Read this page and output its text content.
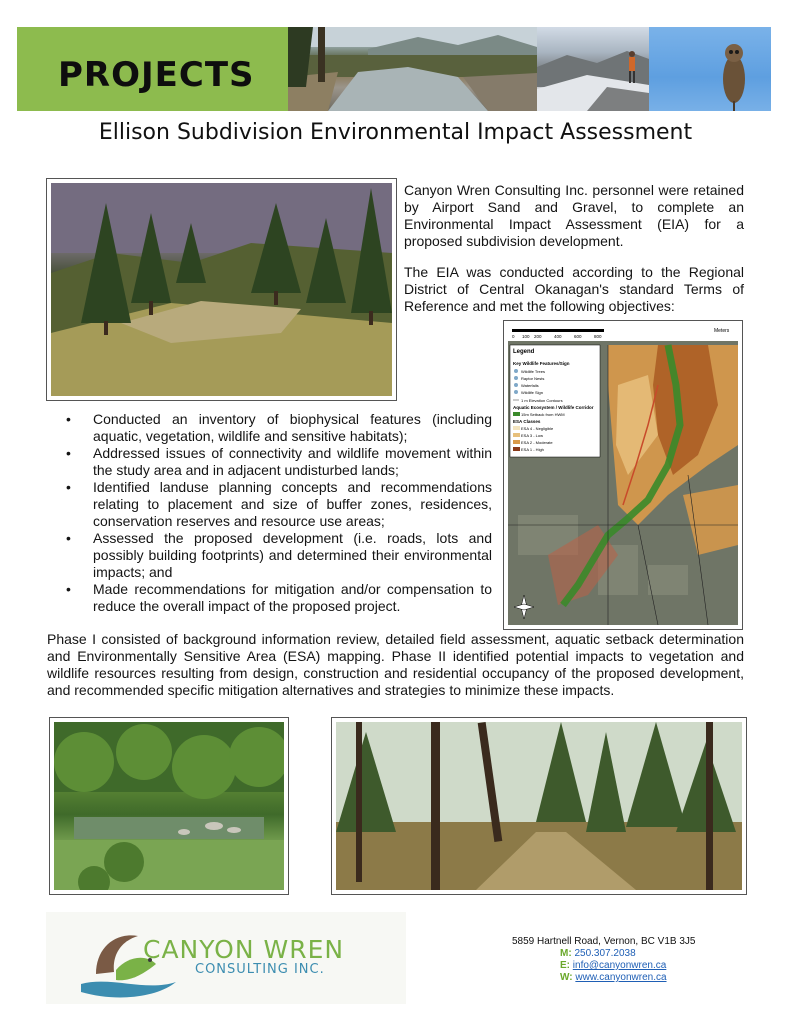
PROJECTS
Ellison Subdivision Environmental Impact Assessment
Canyon Wren Consulting Inc. personnel were retained by Airport Sand and Gravel, to complete an Environmental Impact Assessment (EIA) for a proposed subdivision development.
The EIA was conducted according to the Regional District of Central Okanagan's standard Terms of Reference and met the following objectives:
Meters
0 100 200	400	600	800
Legend
Key Wildlife Features/Sign
Wildlife Trees
Raptor Nests
Waterfalls
Wildlife Sign
1 m Elevation Contours
Aquatic Ecosystem / Wildlife Corridor
15m Setback from HWM
ESA Classes
ESA 4 - Negligible
ESA 3 - Low
ESA 2 - Moderate
ESA 1 - High
• Conducted an inventory of biophysical features (including aquatic, vegetation, wildlife and sensitive habitats);
• Addressed issues of connectivity and wildlife movement within the study area and in adjacent undisturbed lands;
• Identified landuse planning concepts and recommendations relating to placement and size of buffer zones, residences, conservation reserves and resource use areas;
• Assessed the proposed development (i.e. roads, lots and possibly building footprints) and determined their environmental impacts; and
• Made recommendations for mitigation and/or compensation to reduce the overall impact of the proposed project.
Phase I consisted of background information review, detailed field assessment, aquatic setback determination and Environmentally Sensitive Area (ESA) mapping. Phase II identified potential impacts to vegetation and wildlife resources resulting from design, construction and residential occupancy of the proposed development, and recommended specific mitigation alternatives and strategies to minimize these impacts.
CANYON WREN
CONSULTING INC.
5859 Hartnell Road, Vernon, BC V1B 3J5
M: 250.307.2038
E: info@canyonwren.ca
W: www.canyonwren.ca
